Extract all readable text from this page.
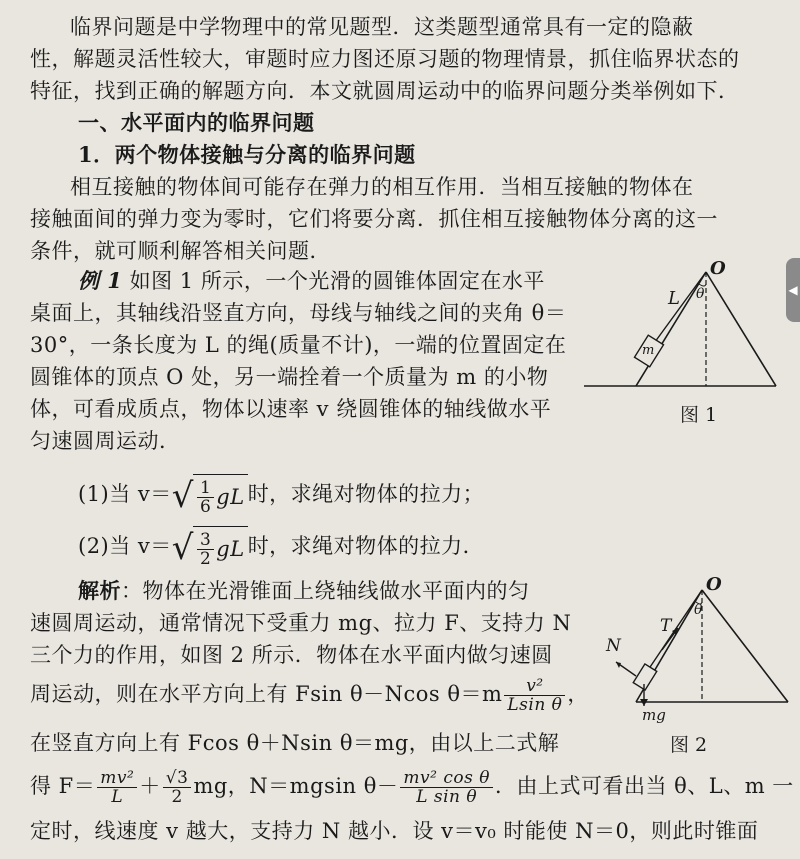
临界问题是中学物理中的常见题型．这类题型通常具有一定的隐蔽
性，解题灵活性较大，审题时应力图还原习题的物理情景，抓住临界状态的
特征，找到正确的解题方向．本文就圆周运动中的临界问题分类举例如下．
一、水平面内的临界问题
1．两个物体接触与分离的临界问题
相互接触的物体间可能存在弹力的相互作用．当相互接触的物体在
接触面间的弹力变为零时，它们将要分离．抓住相互接触物体分离的这一
条件，就可顺利解答相关问题．
例 1 如图 1 所示，一个光滑的圆锥体固定在水平
桌面上，其轴线沿竖直方向，母线与轴线之间的夹角 θ＝
30°，一条长度为 L 的绳(质量不计)，一端的位置固定在
圆锥体的顶点 O 处，另一端拴着一个质量为 m 的小物
体，可看成质点，物体以速率 v 绕圆锥体的轴线做水平
匀速圆周运动．
O
L θ
m
图 1
(1)当 v＝ √ $\frac{1}{6}$ gL 时，求绳对物体的拉力；
(2)当 v＝ √ $\frac{3}{2}$ gL 时，求绳对物体的拉力．
解析：物体在光滑锥面上绕轴线做水平面内的匀
速圆周运动，通常情况下受重力 mg、拉力 F、支持力 N
三个力的作用，如图 2 所示．物体在水平面内做匀速圆
周运动，则在水平方向上有 Fsin θ－Ncos $\theta=m \frac{\text{v²}}{\text{Lsin θ}}$ ，
在竖直方向上有 Fcos θ＋Nsin θ＝mg，由以上二式解
得 $F= \frac{\text{mv²}}{L} + \frac{√3}{2}$ mg，N＝mgsin $\theta- \frac{\text{mv² cos θ}}{\text{L sin θ}}$ ．由上式可看出当 θ、L、m 一
定时，线速度 v 越大，支持力 N 越小．设 v＝v₀ 时能使 N＝0，则此时锥面
O
T
θ
N
mg
图 2
◀
